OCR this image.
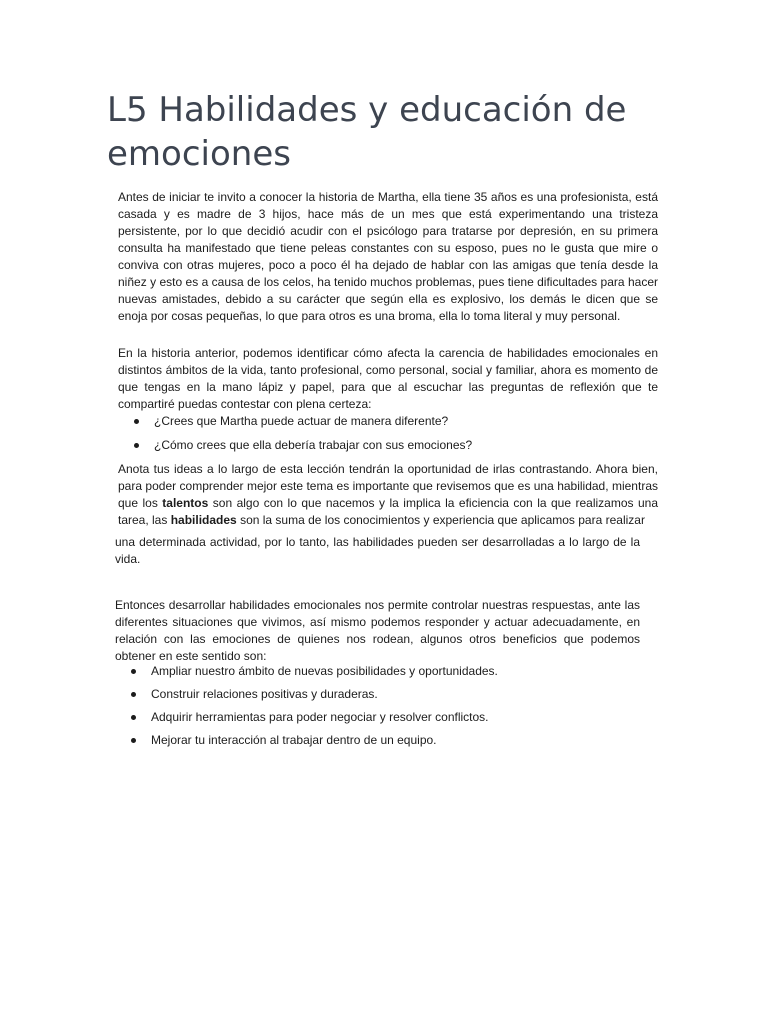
L5 Habilidades y educación de emociones

Antes de iniciar te invito a conocer la historia de Martha, ella tiene 35 años es una profesionista, está casada y es madre de 3 hijos, hace más de un mes que está experimentando una tristeza persistente, por lo que decidió acudir con el psicólogo para tratarse por depresión, en su primera consulta ha manifestado que tiene peleas constantes con su esposo, pues no le gusta que mire o conviva con otras mujeres, poco a poco él ha dejado de hablar con las amigas que tenía desde la niñez y esto es a causa de los celos, ha tenido muchos problemas, pues tiene dificultades para hacer nuevas amistades, debido a su carácter que según ella es explosivo, los demás le dicen que se enoja por cosas pequeñas, lo que para otros es una broma, ella lo toma literal y muy personal.

En la historia anterior, podemos identificar cómo afecta la carencia de habilidades emocionales en distintos ámbitos de la vida, tanto profesional, como personal, social y familiar, ahora es momento de que tengas en la mano lápiz y papel, para que al escuchar las preguntas de reflexión que te compartiré puedas contestar con plena certeza:

¿Crees que Martha puede actuar de manera diferente?
¿Cómo crees que ella debería trabajar con sus emociones?

Anota tus ideas a lo largo de esta lección tendrán la oportunidad de irlas contrastando. Ahora bien, para poder comprender mejor este tema es importante que revisemos que es una habilidad, mientras que los talentos son algo con lo que nacemos y la implica la eficiencia con la que realizamos una tarea, las habilidades son la suma de los conocimientos y experiencia que aplicamos para realizar

una determinada actividad, por lo tanto, las habilidades pueden ser desarrolladas a lo largo de la vida.

Entonces desarrollar habilidades emocionales nos permite controlar nuestras respuestas, ante las diferentes situaciones que vivimos, así mismo podemos responder y actuar adecuadamente, en relación con las emociones de quienes nos rodean, algunos otros beneficios que podemos obtener en este sentido son:

Ampliar nuestro ámbito de nuevas posibilidades y oportunidades.
Construir relaciones positivas y duraderas.
Adquirir herramientas para poder negociar y resolver conflictos.
Mejorar tu interacción al trabajar dentro de un equipo.
